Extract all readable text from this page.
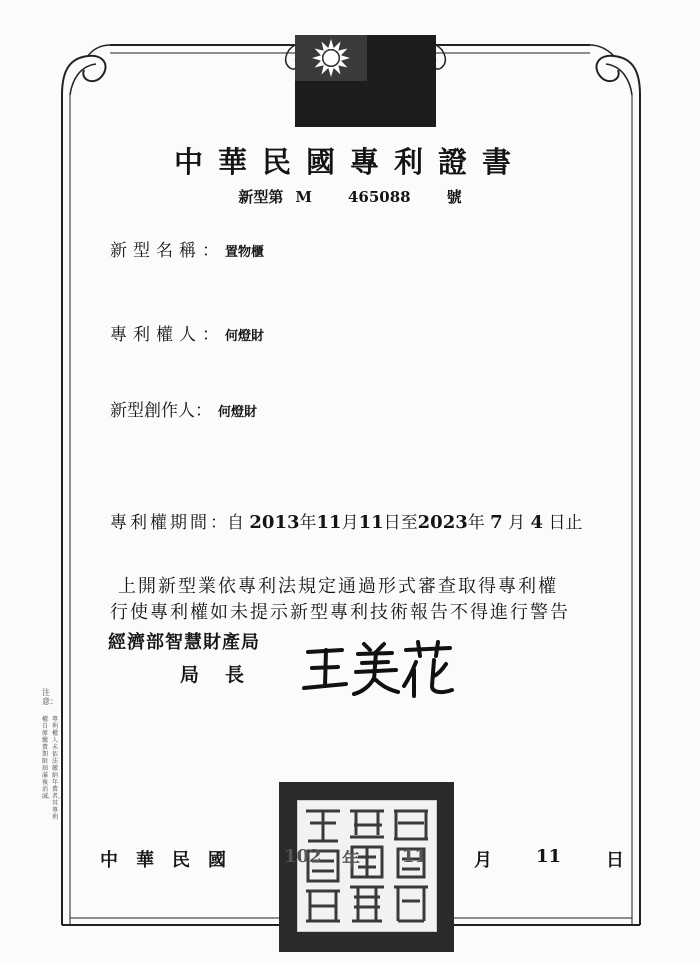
中華民國專利證書
新型第 M 465088 號
新型名稱：置物櫃
專利權人：何燈財
新型創作人：何燈財
專利權期間：自 2013年11月11日至2023年 7 月 4 日止
上開新型業依專利法規定通過形式審查取得專利權
行使專利權如未提示新型專利技術報告不得進行警告
經濟部智慧財產局
局長
注意：
專利權人未依法繳納年費者，其專利
權自原繳費期限屆滿後消滅。
中華民國 102 年 11	月 11 日
